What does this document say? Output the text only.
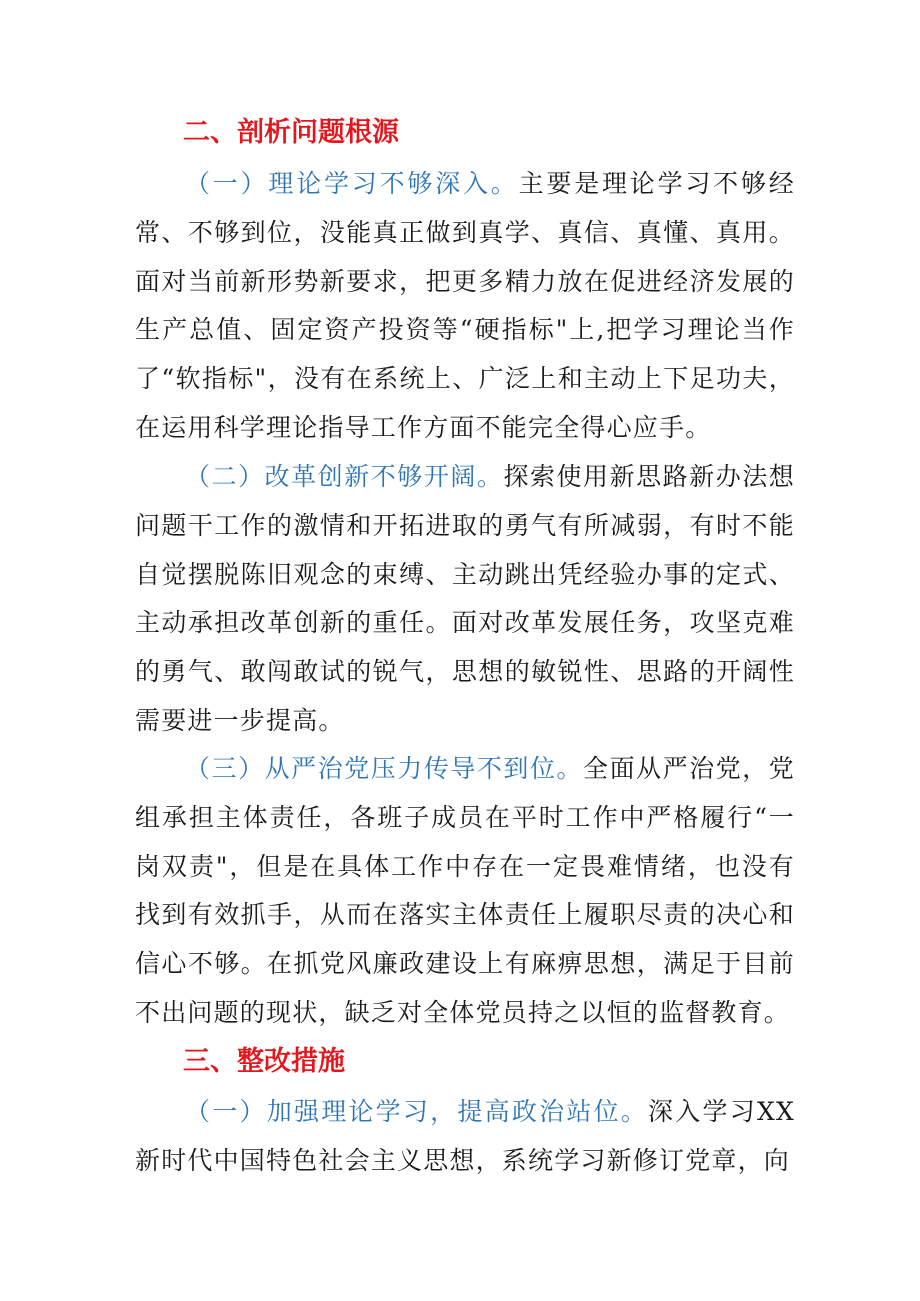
二、剖析问题根源

（一）理论学习不够深入。主要是理论学习不够经常、不够到位，没能真正做到真学、真信、真懂、真用。面对当前新形势新要求，把更多精力放在促进经济发展的生产总值、固定资产投资等“硬指标"上,把学习理论当作了“软指标"，没有在系统上、广泛上和主动上下足功夫，在运用科学理论指导工作方面不能完全得心应手。

（二）改革创新不够开阔。探索使用新思路新办法想问题干工作的激情和开拓进取的勇气有所减弱，有时不能自觉摆脱陈旧观念的束缚、主动跳出凭经验办事的定式、主动承担改革创新的重任。面对改革发展任务，攻坚克难的勇气、敢闯敢试的锐气，思想的敏锐性、思路的开阔性需要进一步提高。

（三）从严治党压力传导不到位。全面从严治党，党组承担主体责任，各班子成员在平时工作中严格履行“一岗双责"，但是在具体工作中存在一定畏难情绪，也没有找到有效抓手，从而在落实主体责任上履职尽责的决心和信心不够。在抓党风廉政建设上有麻痹思想，满足于目前不出问题的现状，缺乏对全体党员持之以恒的监督教育。

三、整改措施

（一）加强理论学习，提高政治站位。深入学习XX新时代中国特色社会主义思想，系统学习新修订党章，向
